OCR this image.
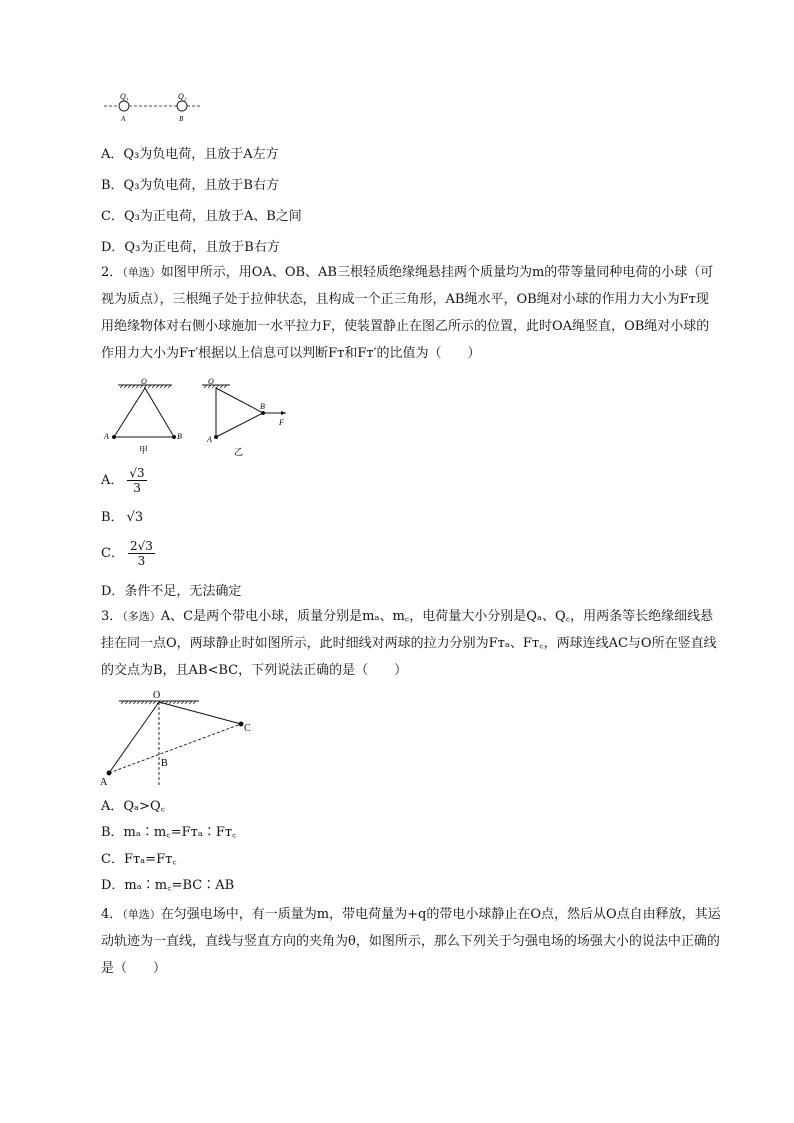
Q₁	Q₂
A	B
A．Q₃为负电荷，且放于A左方
B．Q₃为负电荷，且放于B右方
C．Q₃为正电荷，且放于A、B之间
D．Q₃为正电荷，且放于B右方
2．（单选）如图甲所示，用OA、OB、AB三根轻质绝缘绳悬挂两个质量均为m的带等量同种电荷的小球（可视为质点），三根绳子处于拉伸状态，且构成一个正三角形，AB绳水平，OB绳对小球的作用力大小为Fᴛ现用绝缘物体对右侧小球施加一水平拉力F，使装置静止在图乙所示的位置，此时OA绳竖直，OB绳对小球的作用力大小为Fᴛ′根据以上信息可以判断Fᴛ和Fᴛ′的比值为（　　）
O
A	B
甲
O
A
B
F
乙
A． $\frac{√3}{3}$
B． √3
C． $\frac{2√3}{3}$
D．条件不足，无法确定
3．（多选）A、C是两个带电小球，质量分别是mₐ、m꜀，电荷量大小分别是Qₐ、Q꜀，用两条等长绝缘细线悬挂在同一点O，两球静止时如图所示，此时细线对两球的拉力分别为Fᴛₐ、Fᴛ꜀，两球连线AC与O所在竖直线的交点为B，且AB<BC，下列说法正确的是（　　）
O
A
B
C
A．Qₐ>Q꜀
B．mₐ∶m꜀=Fᴛₐ∶Fᴛ꜀
C．Fᴛₐ=Fᴛ꜀
D．mₐ∶m꜀=BC∶AB
4．（单选）在匀强电场中，有一质量为m，带电荷量为+q的带电小球静止在O点，然后从O点自由释放，其运动轨迹为一直线，直线与竖直方向的夹角为θ，如图所示，那么下列关于匀强电场的场强大小的说法中正确的是（　　）
